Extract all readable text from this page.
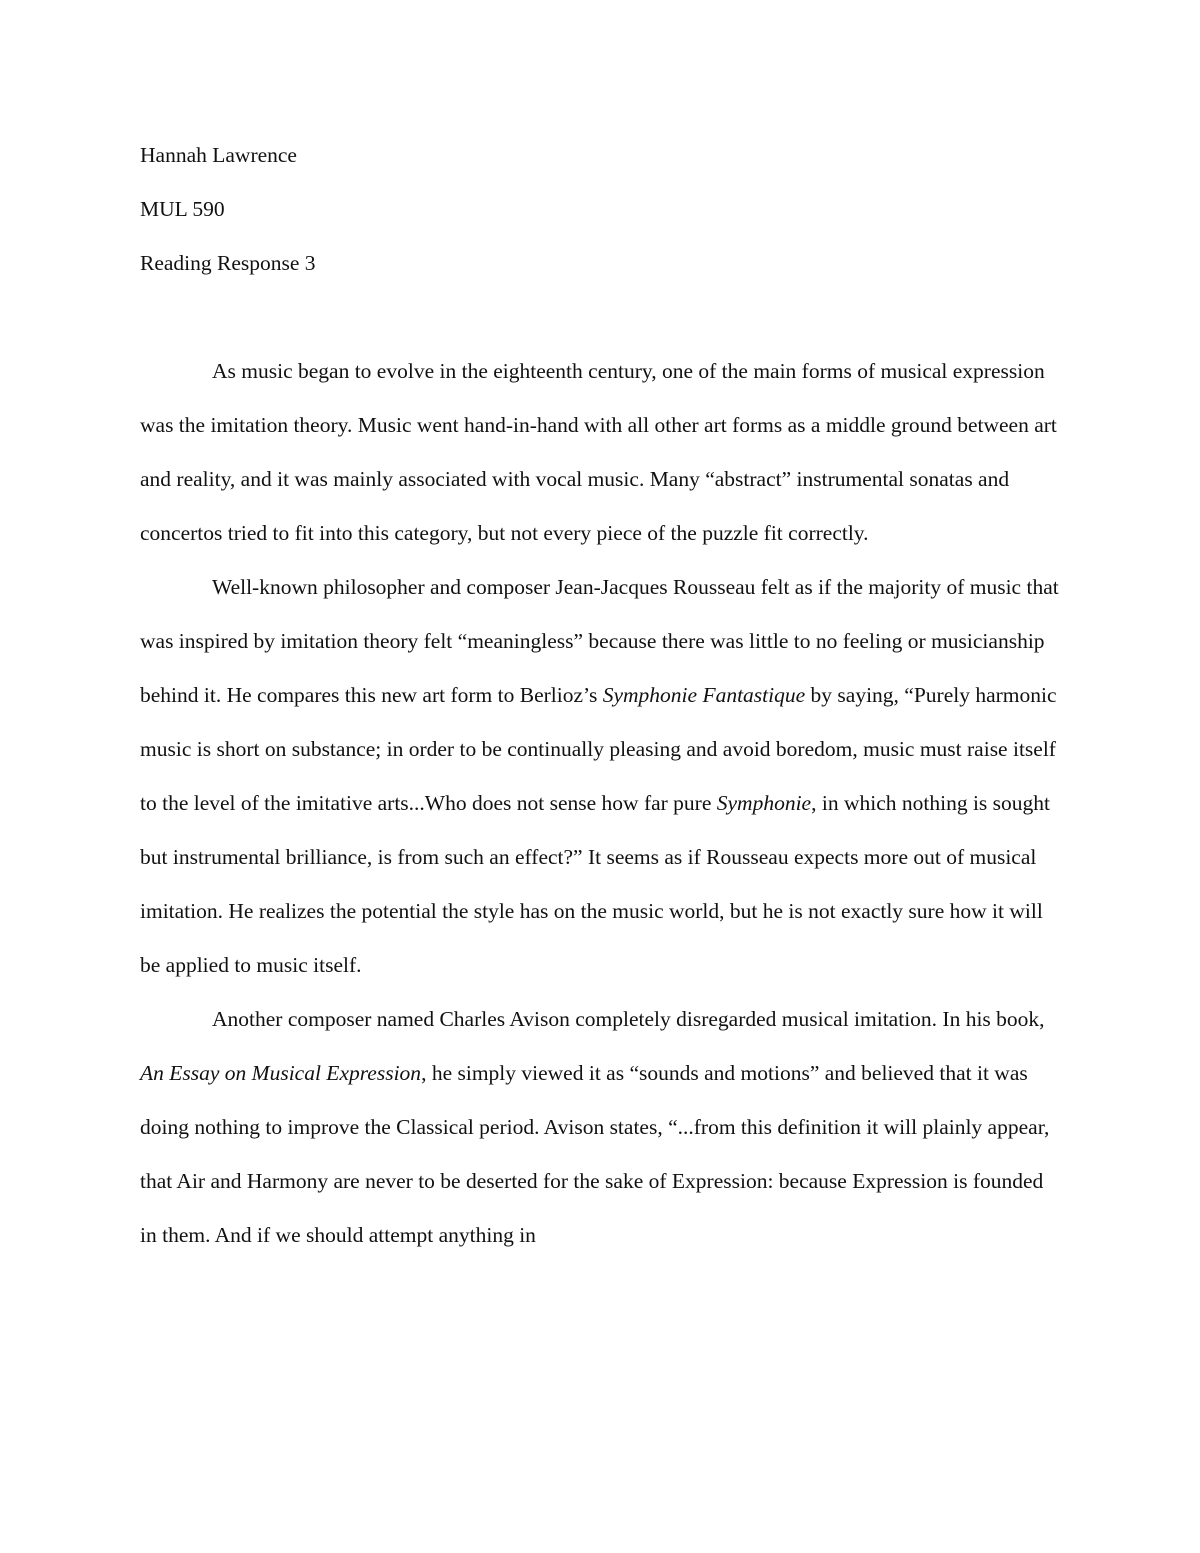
Hannah Lawrence

MUL 590

Reading Response 3

As music began to evolve in the eighteenth century, one of the main forms of musical expression was the imitation theory. Music went hand-in-hand with all other art forms as a middle ground between art and reality, and it was mainly associated with vocal music. Many “abstract” instrumental sonatas and concertos tried to fit into this category, but not every piece of the puzzle fit correctly.

Well-known philosopher and composer Jean-Jacques Rousseau felt as if the majority of music that was inspired by imitation theory felt “meaningless” because there was little to no feeling or musicianship behind it. He compares this new art form to Berlioz’s Symphonie Fantastique by saying, “Purely harmonic music is short on substance; in order to be continually pleasing and avoid boredom, music must raise itself to the level of the imitative arts...Who does not sense how far pure Symphonie, in which nothing is sought but instrumental brilliance, is from such an effect?” It seems as if Rousseau expects more out of musical imitation. He realizes the potential the style has on the music world, but he is not exactly sure how it will be applied to music itself.

Another composer named Charles Avison completely disregarded musical imitation. In his book, An Essay on Musical Expression, he simply viewed it as “sounds and motions” and believed that it was doing nothing to improve the Classical period. Avison states, “...from this definition it will plainly appear, that Air and Harmony are never to be deserted for the sake of Expression: because Expression is founded in them. And if we should attempt anything in
